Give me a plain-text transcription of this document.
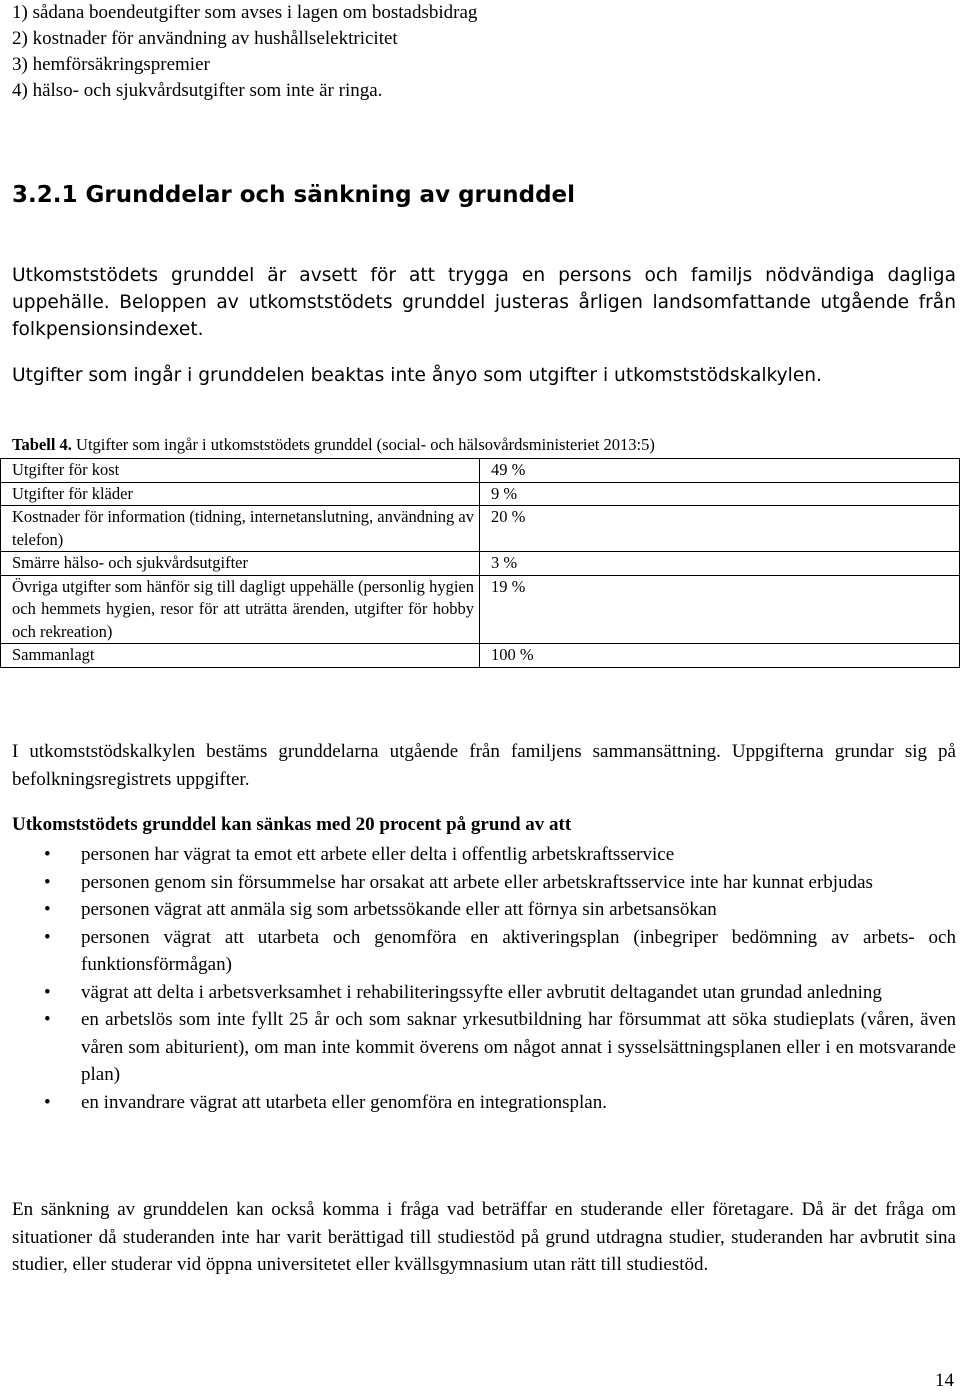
1) sådana boendeutgifter som avses i lagen om bostadsbidrag
2) kostnader för användning av hushållselektricitet
3) hemförsäkringspremier
4) hälso- och sjukvårdsutgifter som inte är ringa.
3.2.1 Grunddelar och sänkning av grunddel
Utkomststödets grunddel är avsett för att trygga en persons och familjs nödvändiga dagliga uppehälle. Beloppen av utkomststödets grunddel justeras årligen landsomfattande utgående från folkpensionsindexet.
Utgifter som ingår i grunddelen beaktas inte ånyo som utgifter i utkomststödskalkylen.
Tabell 4. Utgifter som ingår i utkomststödets grunddel (social- och hälsovårdsministeriet 2013:5)
Utgifter för kost	49 %
Utgifter för kläder	9 %
Kostnader för information (tidning, internetanslutning, användning av telefon)	20 %
Smärre hälso- och sjukvårdsutgifter	3 %
Övriga utgifter som hänför sig till dagligt uppehälle (personlig hygien och hemmets hygien, resor för att uträtta ärenden, utgifter för hobby och rekreation)	19 %
Sammanlagt	100 %
I utkomststödskalkylen bestäms grunddelarna utgående från familjens sammansättning. Uppgifterna grundar sig på befolkningsregistrets uppgifter.
Utkomststödets grunddel kan sänkas med 20 procent på grund av att
• personen har vägrat ta emot ett arbete eller delta i offentlig arbetskraftsservice
• personen genom sin försummelse har orsakat att arbete eller arbetskraftsservice inte har kunnat erbjudas
• personen vägrat att anmäla sig som arbetssökande eller att förnya sin arbetsansökan
• personen vägrat att utarbeta och genomföra en aktiveringsplan (inbegriper bedömning av arbets- och funktionsförmågan)
• vägrat att delta i arbetsverksamhet i rehabiliteringssyfte eller avbrutit deltagandet utan grundad anledning
• en arbetslös som inte fyllt 25 år och som saknar yrkesutbildning har försummat att söka studieplats (våren, även våren som abiturient), om man inte kommit överens om något annat i sysselsättningsplanen eller i en motsvarande plan)
• en invandrare vägrat att utarbeta eller genomföra en integrationsplan.
En sänkning av grunddelen kan också komma i fråga vad beträffar en studerande eller företagare. Då är det fråga om situationer då studeranden inte har varit berättigad till studiestöd på grund utdragna studier, studeranden har avbrutit sina studier, eller studerar vid öppna universitetet eller kvällsgymnasium utan rätt till studiestöd.
14
